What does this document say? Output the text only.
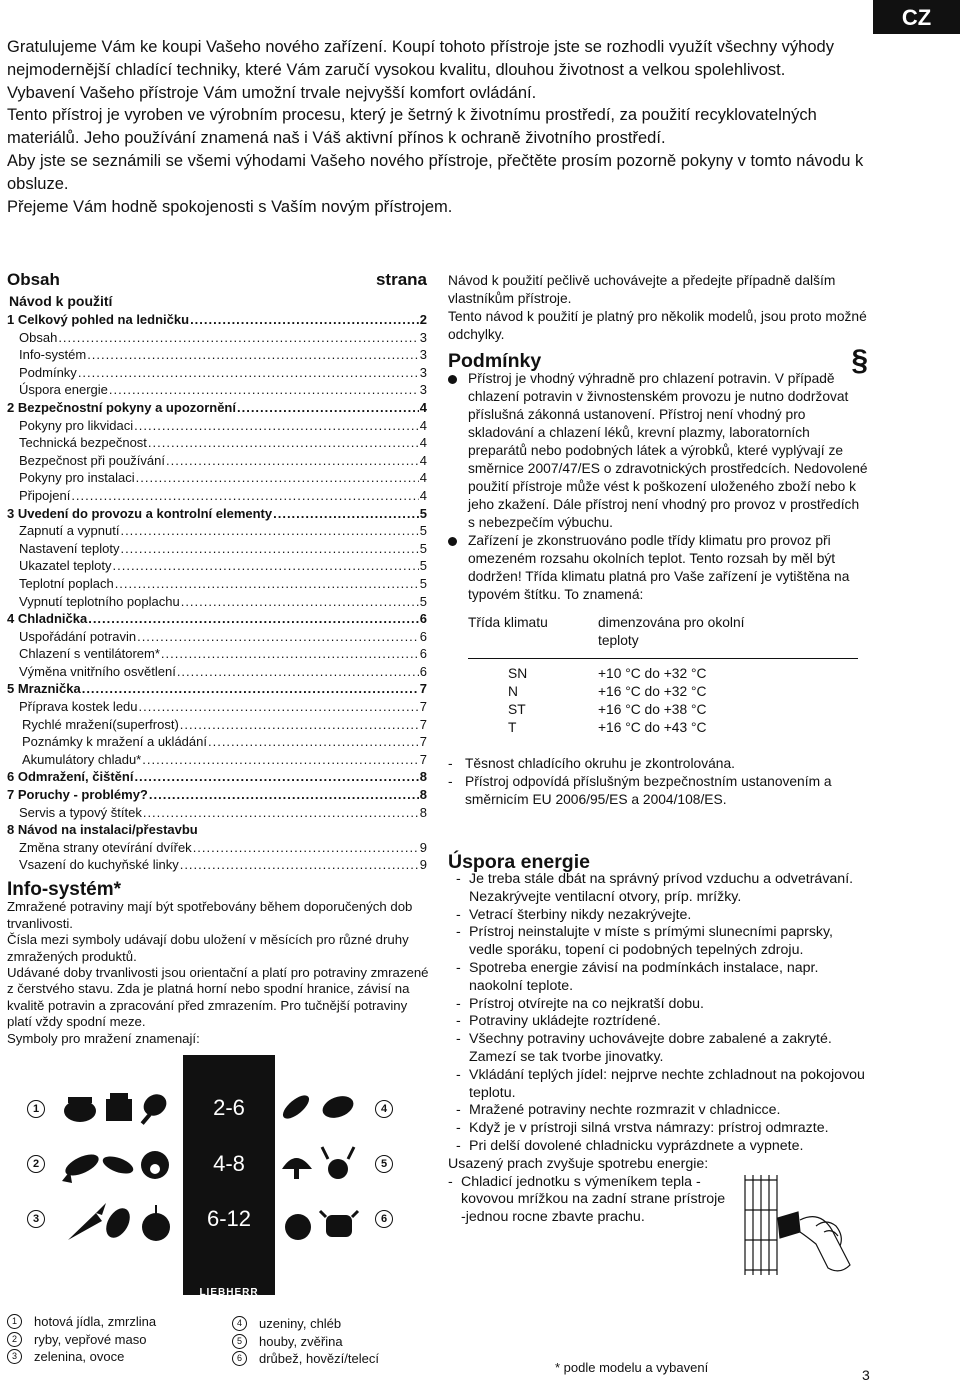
CZ

Gratulujeme Vám ke koupi Vašeho nového zařízení. Koupí tohoto přístroje jste se rozhodli využít všechny výhody nejmodernější chladící techniky, které Vám zaručí vysokou kvalitu, dlouhou životnost a velkou spolehlivost.

Vybavení Vašeho přístroje Vám umožní trvale nejvyšší komfort ovládání.

Tento přístroj je vyroben ve výrobním procesu, který je šetrný k životnímu prostředí, za použití recyklovatelných materiálů. Jeho používání znamená naš i Váš aktivní přínos k ochraně životního prostředí.

Aby jste se seznámili se všemi výhodami Vašeho nového přístroje, přečtěte prosím pozorně pokyny v tomto návodu k obsluze.

Přejeme Vám hodně spokojenosti s Vaším novým přístrojem.

Obsah	strana
Návod k použití
1 Celkový pohled na ledničku .....	2
Obsah .....	3
Info-systém .....	3
Podmínky .....	3
Úspora energie .....	3
2 Bezpečnostní pokyny a upozornění .....	4
Pokyny pro likvidaci .....	4
Technická bezpečnost .....	4
Bezpečnost při používání .....	4
Pokyny pro instalaci .....	4
Připojení .....	4
3 Uvedení do provozu a kontrolní elementy .....	5
Zapnutí a vypnutí .....	5
Nastavení teploty .....	5
Ukazatel teploty .....	5
Teplotní poplach .....	5
Vypnutí teplotního poplachu .....	5
4 Chladnička .....	6
Uspořádání potravin .....	6
Chlazení s ventilátorem* .....	6
Výměna vnitřního osvětlení .....	6
5 Mraznička .....	7
Příprava kostek ledu .....	7
Rychlé mražení(superfrost) .....	7
Poznámky k mražení a ukládání .....	7
Akumulátory chladu* .....	7
6 Odmražení, čištění .....	8
7 Poruchy - problémy? .....	8
Servis a typový štítek .....	8
8 Návod na instalaci/přestavbu
Změna strany otevírání dvířek .....	9
Vsazení do kuchyňské linky .....	9
Info-systém*

Zmražené potraviny mají být spotřebovány během doporučených dob trvanlivosti.

Čísla mezi symboly udávají dobu uložení v měsících pro různé druhy zmražených produktů.

Udávané doby trvanlivosti jsou orientační a platí pro potraviny zmrazené z čerstvého stavu. Zda je platná horní nebo spodní hranice, závisí na kvalitě potravin a zpracování před zmrazením. Pro tučnější potraviny platí vždy spodní meze.

Symboly pro mražení znamenají:

2-6
4-8
6-12
LIEBHERR
1
2
3
4
5
6
1	hotová jídla, zmrzlina
2	ryby, vepřové maso
3	zelenina, ovoce
4	uzeniny, chléb
5	houby, zvěřina
6	drůbež, hovězí/telecí

Návod k použití pečlivě uchovávejte a předejte případně dalším vlastníkům přístroje.

Tento návod k použití je platný pro několik modelů, jsou proto možné odchylky.

Podmínky	§

Přístroj je vhodný výhradně pro chlazení potravin. V případě chlazení potravin v živnostenském provozu je nutno dodržovat příslušná zákonná ustanovení. Přístroj není vhodný pro skladování a chlazení léků, krevní plazmy, laboratorních preparátů nebo podobných látek a výrobků, které vyplývají ze směrnice 2007/47/ES o zdravotnických prostředcích. Nedovolené použití přístroje může vést k poškození uloženého zboží nebo k jeho zkažení. Dále přístroj není vhodný pro provoz v prostředích s nebezpečím výbuchu.

Zařízení je zkonstruováno podle třídy klimatu pro provoz při omezeném rozsahu okolních teplot. Tento rozsah by měl být dodržen! Třída klimatu platná pro Vaše zařízení je vytištěna na typovém štítku. To znamená:

Třída klimatu	dimenzována pro okolní teploty
SN	+10 °C do +32 °C
N	+16 °C do +32 °C
ST	+16 °C do +38 °C
T	+16 °C do +43 °C

- Těsnost chladícího okruhu je zkontrolována.

- Přístroj odpovídá příslušným bezpečnostním ustanovením a směrnicím EU 2006/95/ES a 2004/108/ES.

Úspora energie

- Je treba stále dbát na správný prívod vzduchu a odvetrávaní. Nezakrývejte ventilacní otvory, príp. mrížky.

- Vetrací šterbiny nikdy nezakrývejte.

- Prístroj neinstalujte v míste s prímými slunecními paprsky, vedle sporáku, topení ci podobných tepelných zdroju.

- Spotreba energie závisí na podmínkách instalace, napr. naokolní teplote.

- Prístroj otvírejte na co nejkratší dobu.

- Potraviny ukládejte roztrídené.

- Všechny potraviny uchovávejte dobre zabalené a zakryté. Zamezí se tak tvorbe jinovatky.

- Vkládání teplých jídel: nejprve nechte zchladnout na pokojovou teplotu.

- Mražené potraviny nechte rozmrazit v chladnicce.

- Když je v prístroji silná vrstva námrazy: prístroj odmrazte.

- Pri delší dovolené chladnicku vyprázdnete a vypnete.

Usazený prach zvyšuje spotrebu energie:

- Chladicí jednotku s výmeníkem tepla -kovovou mrížkou na zadní strane prístroje -jednou rocne zbavte prachu.

* podle modelu a vybavení	3
